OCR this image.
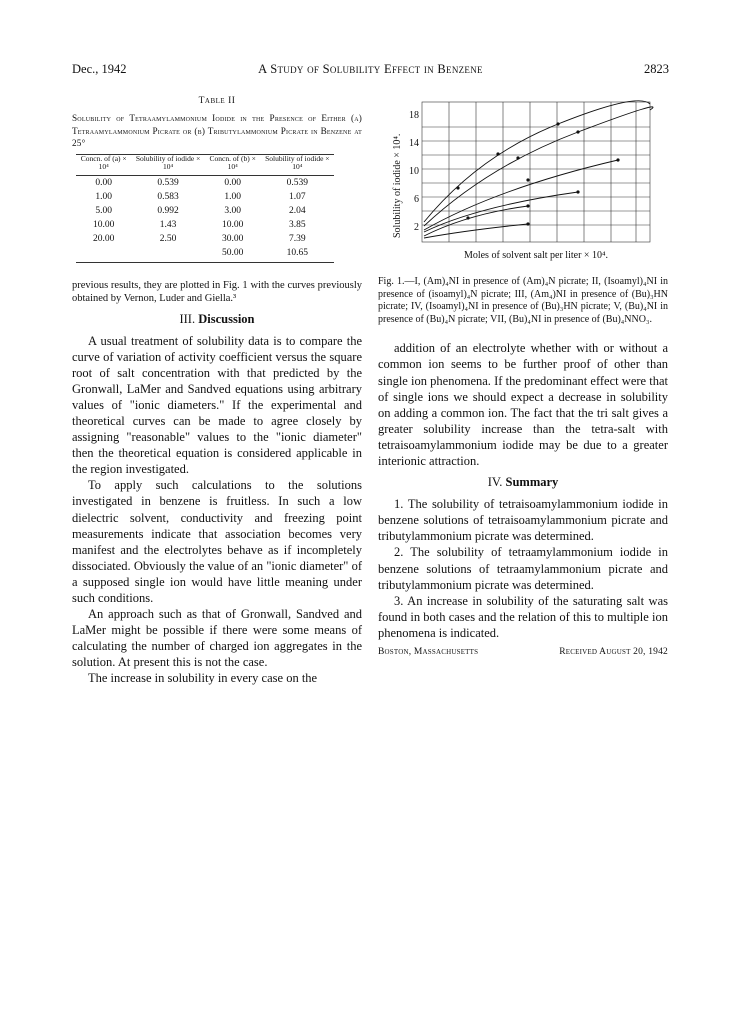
Dec., 1942	A Study of Solubility Effect in Benzene	2823
Table II
Solubility of Tetraamylammonium Iodide in the Presence of Either (a) Tetraamylammonium Picrate or (b) Tributylammonium Picrate in Benzene at 25°
Concn. of (a) × 10⁴	Solubility of iodide × 10⁴	Concn. of (b) × 10⁴	Solubility of iodide × 10⁴
0.00	0.539	0.00	0.539
1.00	0.583	1.00	1.07
5.00	0.992	3.00	2.04
10.00	1.43	10.00	3.85
20.00	2.50	30.00	7.39
		50.00	10.65

previous results, they are plotted in Fig. 1 with the curves previously obtained by Vernon, Luder and Giella.³

III. Discussion

A usual treatment of solubility data is to compare the curve of variation of activity coefficient versus the square root of salt concentration with that predicted by the Gronwall, LaMer and Sandved equations using arbitrary values of "ionic diameters." If the experimental and theoretical curves can be made to agree closely by assigning "reasonable" values to the "ionic diameter" then the theoretical equation is considered applicable in the region investigated.

To apply such calculations to the solutions investigated in benzene is fruitless. In such a low dielectric solvent, conductivity and freezing point measurements indicate that association becomes very manifest and the electrolytes behave as if incompletely dissociated. Obviously the value of an "ionic diameter" of a supposed single ion would have little meaning under such conditions.

An approach such as that of Gronwall, Sandved and LaMer might be possible if there were some means of calculating the number of charged ion aggregates in the solution. At present this is not the case.

The increase in solubility in every case on the

18
14
10
6
2
Solubility of iodide × 10⁴.
Moles of solvent salt per liter × 10⁴.

Fig. 1.—I, (Am)₄NI in presence of (Am)₄N picrate; II, (Isoamyl)₄NI in presence of (isoamyl)₄N picrate; III, (Am₄)NI in presence of (Bu)₃HN picrate; IV, (Isoamyl)₄NI in presence of (Bu)₃HN picrate; V, (Bu)₄NI in presence of (Bu)₄N picrate; VII, (Bu)₄NI in presence of (Bu)₄NNO₃.

addition of an electrolyte whether with or without a common ion seems to be further proof of other than single ion phenomena. If the predominant effect were that of single ions we should expect a decrease in solubility on adding a common ion. The fact that the tri salt gives a greater solubility increase than the tetra-salt with tetraisoamylammonium iodide may be due to a greater interionic attraction.

IV. Summary

1. The solubility of tetraisoamylammonium iodide in benzene solutions of tetraisoamylammonium picrate and tributylammonium picrate was determined.

2. The solubility of tetraamylammonium iodide in benzene solutions of tetraamylammonium picrate and tributylammonium picrate was determined.

3. An increase in solubility of the saturating salt was found in both cases and the relation of this to multiple ion phenomena is indicated.

Boston, Massachusetts	Received August 20, 1942
